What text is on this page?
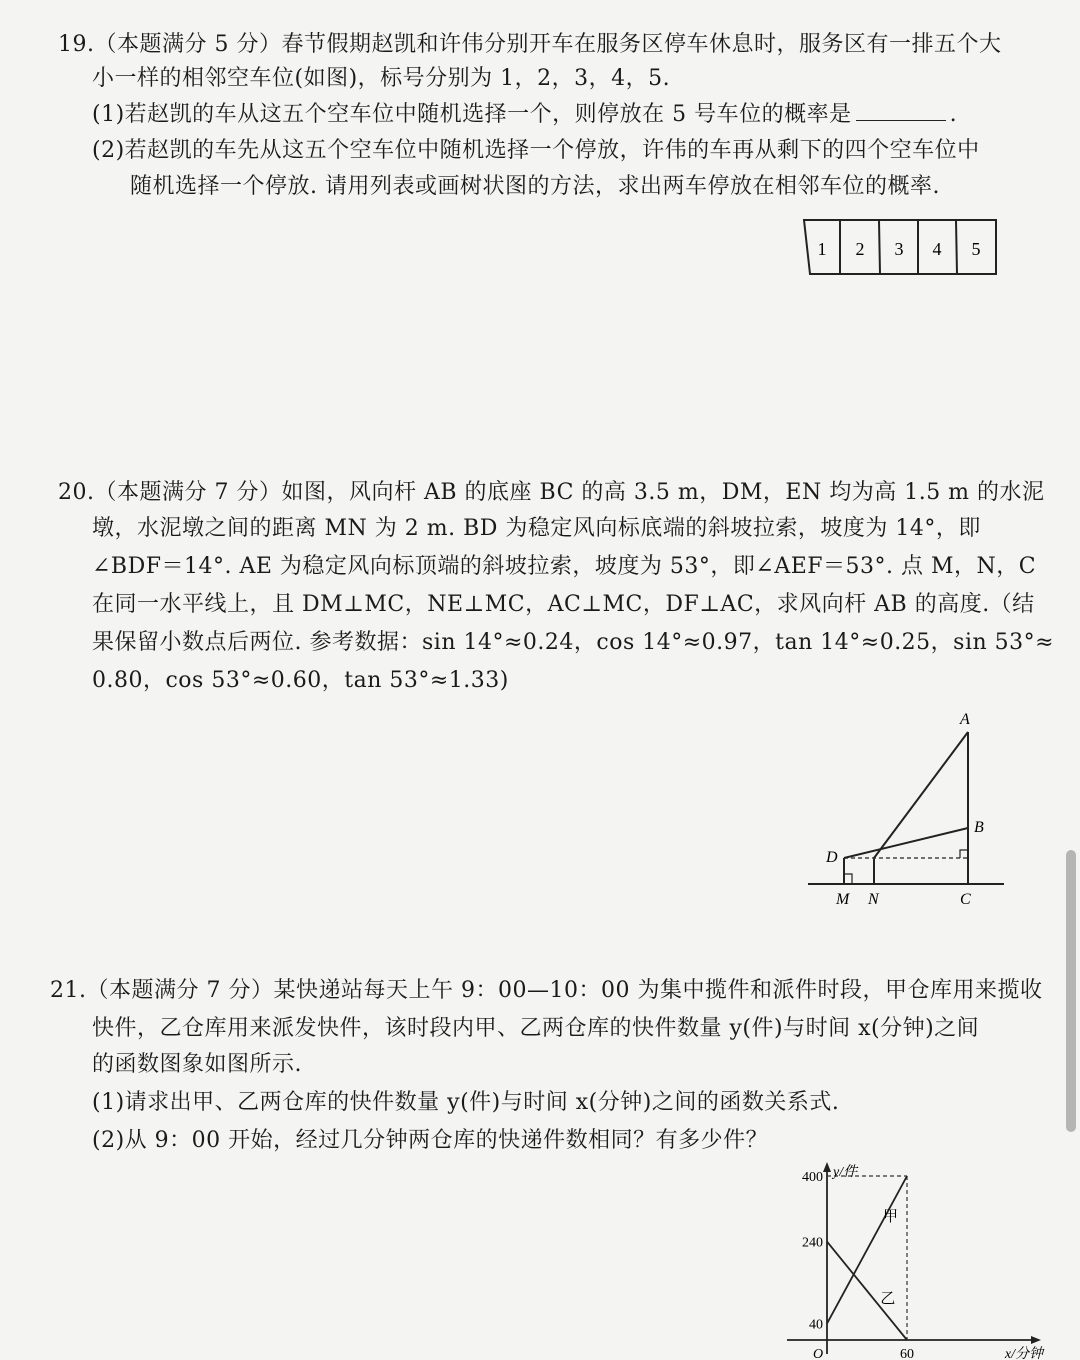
19.（本题满分 5 分）春节假期赵凯和许伟分别开车在服务区停车休息时，服务区有一排五个大
小一样的相邻空车位(如图)，标号分别为 1，2，3，4，5.
(1)若赵凯的车从这五个空车位中随机选择一个，则停放在 5 号车位的概率是	.
(2)若赵凯的车先从这五个空车位中随机选择一个停放，许伟的车再从剩下的四个空车位中
随机选择一个停放. 请用列表或画树状图的方法，求出两车停放在相邻车位的概率.
1 2 3 4 5
20.（本题满分 7 分）如图，风向杆 AB 的底座 BC 的高 3.5 m，DM，EN 均为高 1.5 m 的水泥
墩，水泥墩之间的距离 MN 为 2 m. BD 为稳定风向标底端的斜坡拉索，坡度为 14°，即
∠BDF＝14°. AE 为稳定风向标顶端的斜坡拉索，坡度为 53°，即∠AEF＝53°. 点 M，N，C
在同一水平线上，且 DM⊥MC，NE⊥MC，AC⊥MC，DF⊥AC，求风向杆 AB 的高度.（结
果保留小数点后两位. 参考数据：sin 14°≈0.24，cos 14°≈0.97，tan 14°≈0.25，sin 53°≈
0.80，cos 53°≈0.60，tan 53°≈1.33)
A
B
C
D
M N
21.（本题满分 7 分）某快递站每天上午 9：00—10：00 为集中揽件和派件时段，甲仓库用来揽收
快件，乙仓库用来派发快件，该时段内甲、乙两仓库的快件数量 y(件)与时间 x(分钟)之间
的函数图象如图所示.
(1)请求出甲、乙两仓库的快件数量 y(件)与时间 x(分钟)之间的函数关系式.
(2)从 9：00 开始，经过几分钟两仓库的快递件数相同？有多少件？
甲
乙
400
240
40
60
O
y/件
x/分钟
